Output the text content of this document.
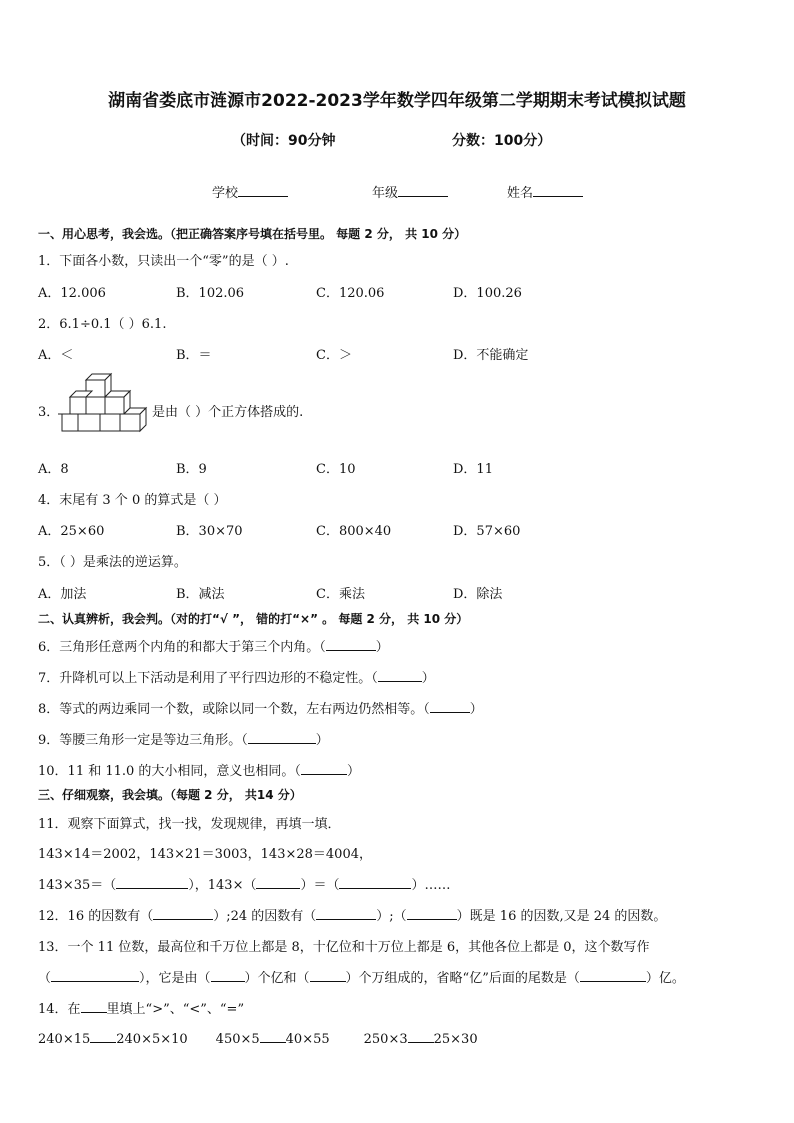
湖南省娄底市涟源市2022-2023学年数学四年级第二学期期末考试模拟试题
（时间：90分钟	分数：100分）
学校	年级	姓名
一、用心思考，我会选。（把正确答案序号填在括号里。 每题 2 分， 共 10 分）
1．下面各小数，只读出一个“零”的是（ ）.
A．12.006	B．102.06	C．120.06	D．100.26
2．6.1÷0.1（ ）6.1.
A．＜	B．＝	C．＞	D．不能确定
3．	是由（ ）个正方体搭成的.
A．8	B．9	C．10	D．11
4．末尾有 3 个 0 的算式是（ ）
A．25×60	B．30×70	C．800×40	D．57×60
5．（ ）是乘法的逆运算。
A．加法	B．减法	C．乘法	D．除法
二、认真辨析，我会判。（对的打“√ ”， 错的打“×” 。 每题 2 分， 共 10 分）
6．三角形任意两个内角的和都大于第三个内角。（	）
7．升降机可以上下活动是利用了平行四边形的不稳定性。（	）
8．等式的两边乘同一个数，或除以同一个数，左右两边仍然相等。（	）
9．等腰三角形一定是等边三角形。（	）
10．11 和 11.0 的大小相同，意义也相同。（	）
三、仔细观察，我会填。（每题 2 分， 共14 分）
11．观察下面算式，找一找，发现规律，再填一填．
143×14＝2002，143×21＝3003，143×28＝4004，
143×35＝（	），143×（	）＝（	）……
12．16 的因数有（	）;24 的因数有（	）;（	）既是 16 的因数,又是 24 的因数。
13．一个 11 位数，最高位和千万位上都是 8，十亿位和十万位上都是 6，其他各位上都是 0，这个数写作
（	），它是由（	）个亿和（	）个万组成的，省略“亿”后面的尾数是（	）亿。
14．在 里填上“>”、“<”、“=”
240×15 240×5×10 450×5 40×55	250×3 25×30
